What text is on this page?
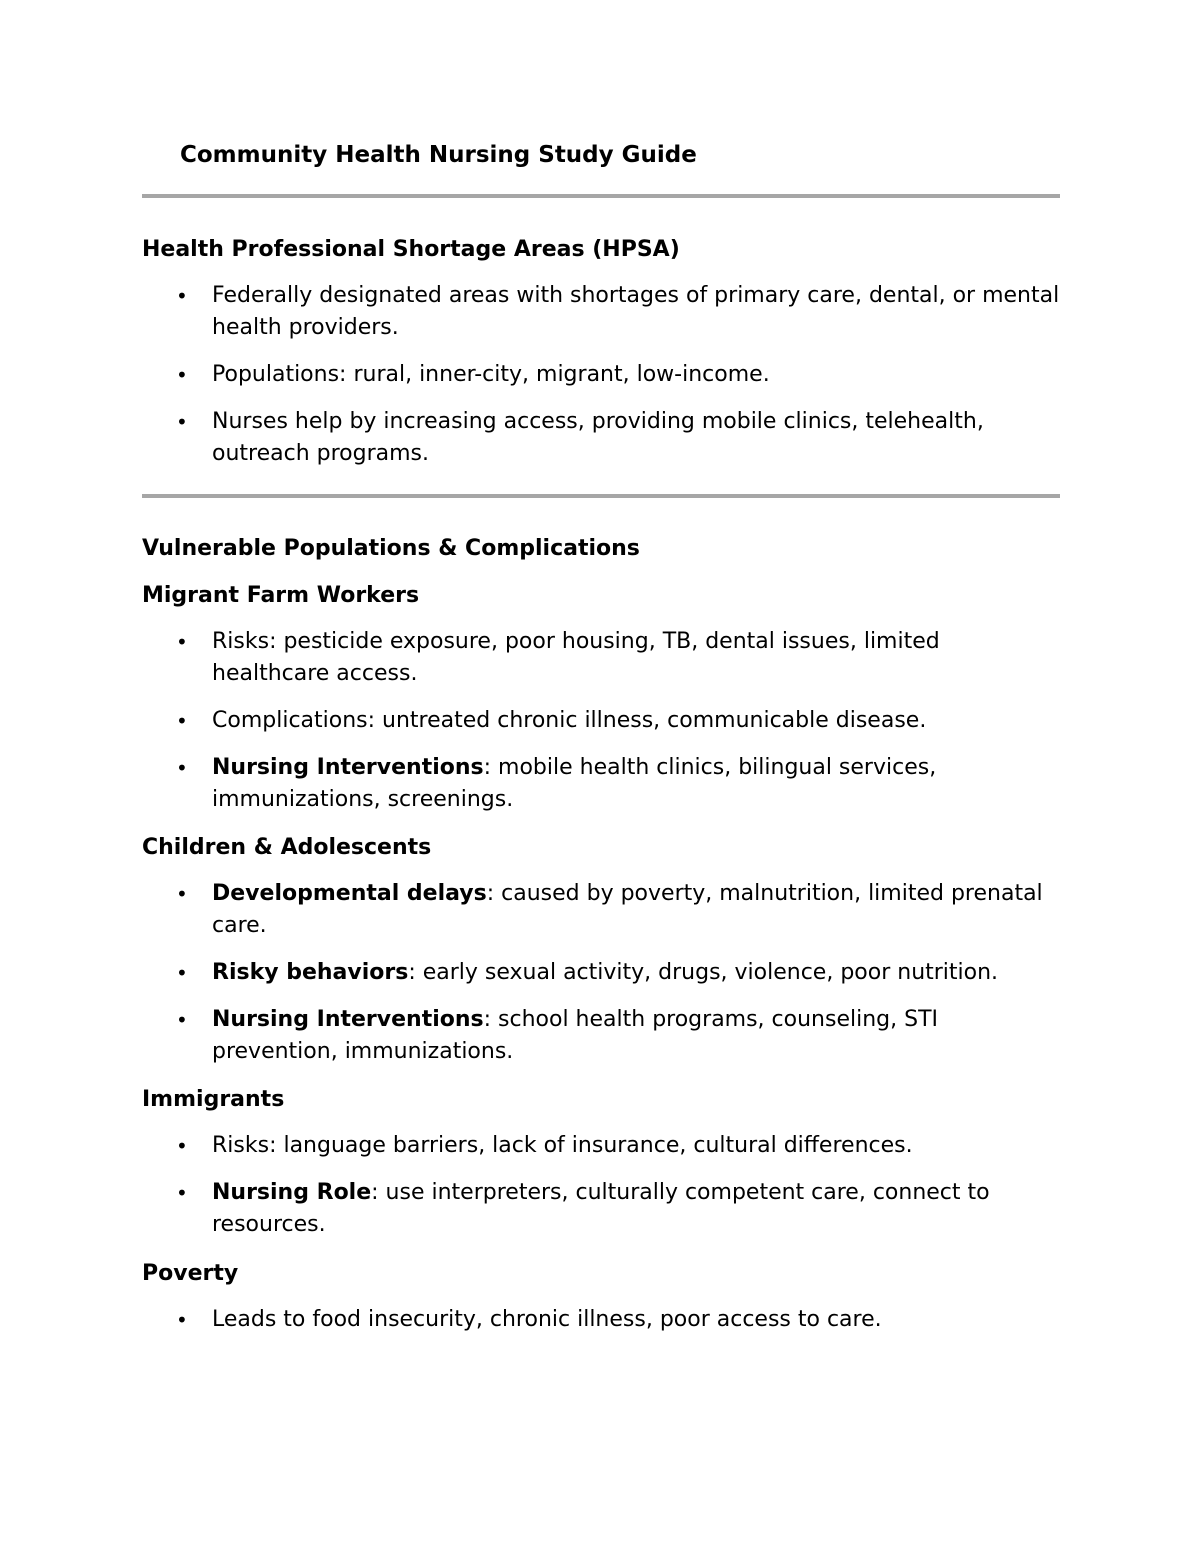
Community Health Nursing Study Guide
Health Professional Shortage Areas (HPSA)
• Federally designated areas with shortages of primary care, dental, or mental health providers.
• Populations: rural, inner-city, migrant, low-income.
• Nurses help by increasing access, providing mobile clinics, telehealth, outreach programs.
Vulnerable Populations & Complications
Migrant Farm Workers
• Risks: pesticide exposure, poor housing, TB, dental issues, limited healthcare access.
• Complications: untreated chronic illness, communicable disease.
• Nursing Interventions: mobile health clinics, bilingual services, immunizations, screenings.
Children & Adolescents
• Developmental delays: caused by poverty, malnutrition, limited prenatal care.
• Risky behaviors: early sexual activity, drugs, violence, poor nutrition.
• Nursing Interventions: school health programs, counseling, STI prevention, immunizations.
Immigrants
• Risks: language barriers, lack of insurance, cultural differences.
• Nursing Role: use interpreters, culturally competent care, connect to resources.
Poverty
• Leads to food insecurity, chronic illness, poor access to care.
